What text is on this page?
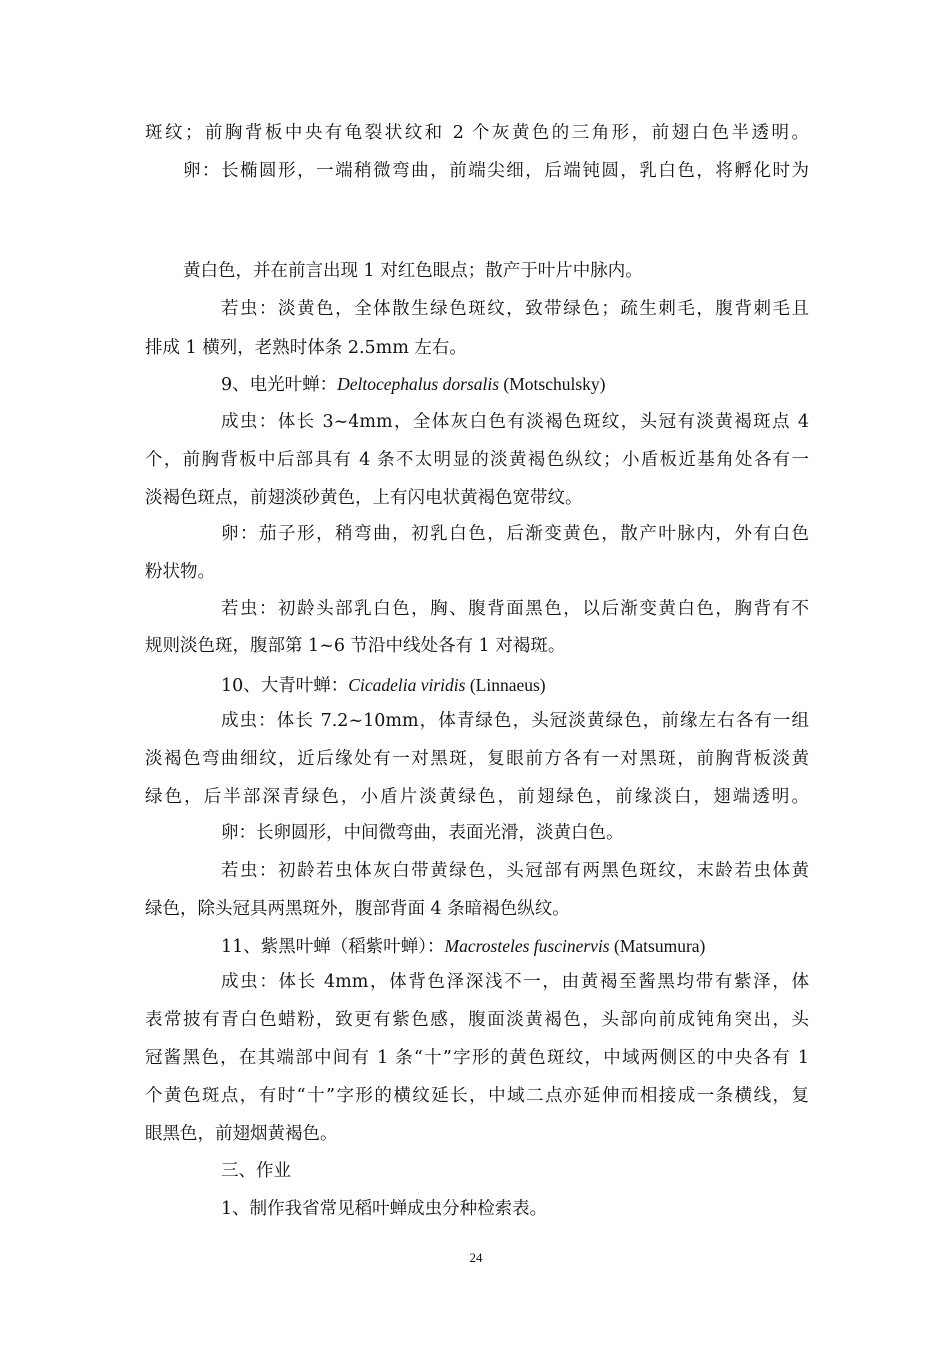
斑纹；前胸背板中央有龟裂状纹和 2 个灰黄色的三角形，前翅白色半透明。
卵：长椭圆形，一端稍微弯曲，前端尖细，后端钝圆，乳白色，将孵化时为
黄白色，并在前言出现 1 对红色眼点；散产于叶片中脉内。
若虫：淡黄色，全体散生绿色斑纹，致带绿色；疏生刺毛，腹背刺毛且
排成 1 横列，老熟时体条 2.5mm 左右。
9、电光叶蝉：Deltocephalus dorsalis (Motschulsky)
成虫：体长 3~4mm，全体灰白色有淡褐色斑纹，头冠有淡黄褐斑点 4
个，前胸背板中后部具有 4 条不太明显的淡黄褐色纵纹；小盾板近基角处各有一
淡褐色斑点，前翅淡砂黄色，上有闪电状黄褐色宽带纹。
卵：茄子形，稍弯曲，初乳白色，后渐变黄色，散产叶脉内，外有白色
粉状物。
若虫：初龄头部乳白色，胸、腹背面黑色，以后渐变黄白色，胸背有不
规则淡色斑，腹部第 1~6 节沿中线处各有 1 对褐斑。
10、大青叶蝉：Cicadelia viridis (Linnaeus)
成虫：体长 7.2~10mm，体青绿色，头冠淡黄绿色，前缘左右各有一组
淡褐色弯曲细纹，近后缘处有一对黑斑，复眼前方各有一对黑斑，前胸背板淡黄
绿色，后半部深青绿色，小盾片淡黄绿色，前翅绿色，前缘淡白，翅端透明。
卵：长卵圆形，中间微弯曲，表面光滑，淡黄白色。
若虫：初龄若虫体灰白带黄绿色，头冠部有两黑色斑纹，末龄若虫体黄
绿色，除头冠具两黑斑外，腹部背面 4 条暗褐色纵纹。
11、紫黑叶蝉（稻紫叶蝉）：Macrosteles fuscinervis (Matsumura)
成虫：体长 4mm，体背色泽深浅不一，由黄褐至酱黑均带有紫泽，体
表常披有青白色蜡粉，致更有紫色感，腹面淡黄褐色，头部向前成钝角突出，头
冠酱黑色，在其端部中间有 1 条“十”字形的黄色斑纹，中域两侧区的中央各有 1
个黄色斑点，有时“十”字形的横纹延长，中域二点亦延伸而相接成一条横线，复
眼黑色，前翅烟黄褐色。
三、作业
1、制作我省常见稻叶蝉成虫分种检索表。
24
